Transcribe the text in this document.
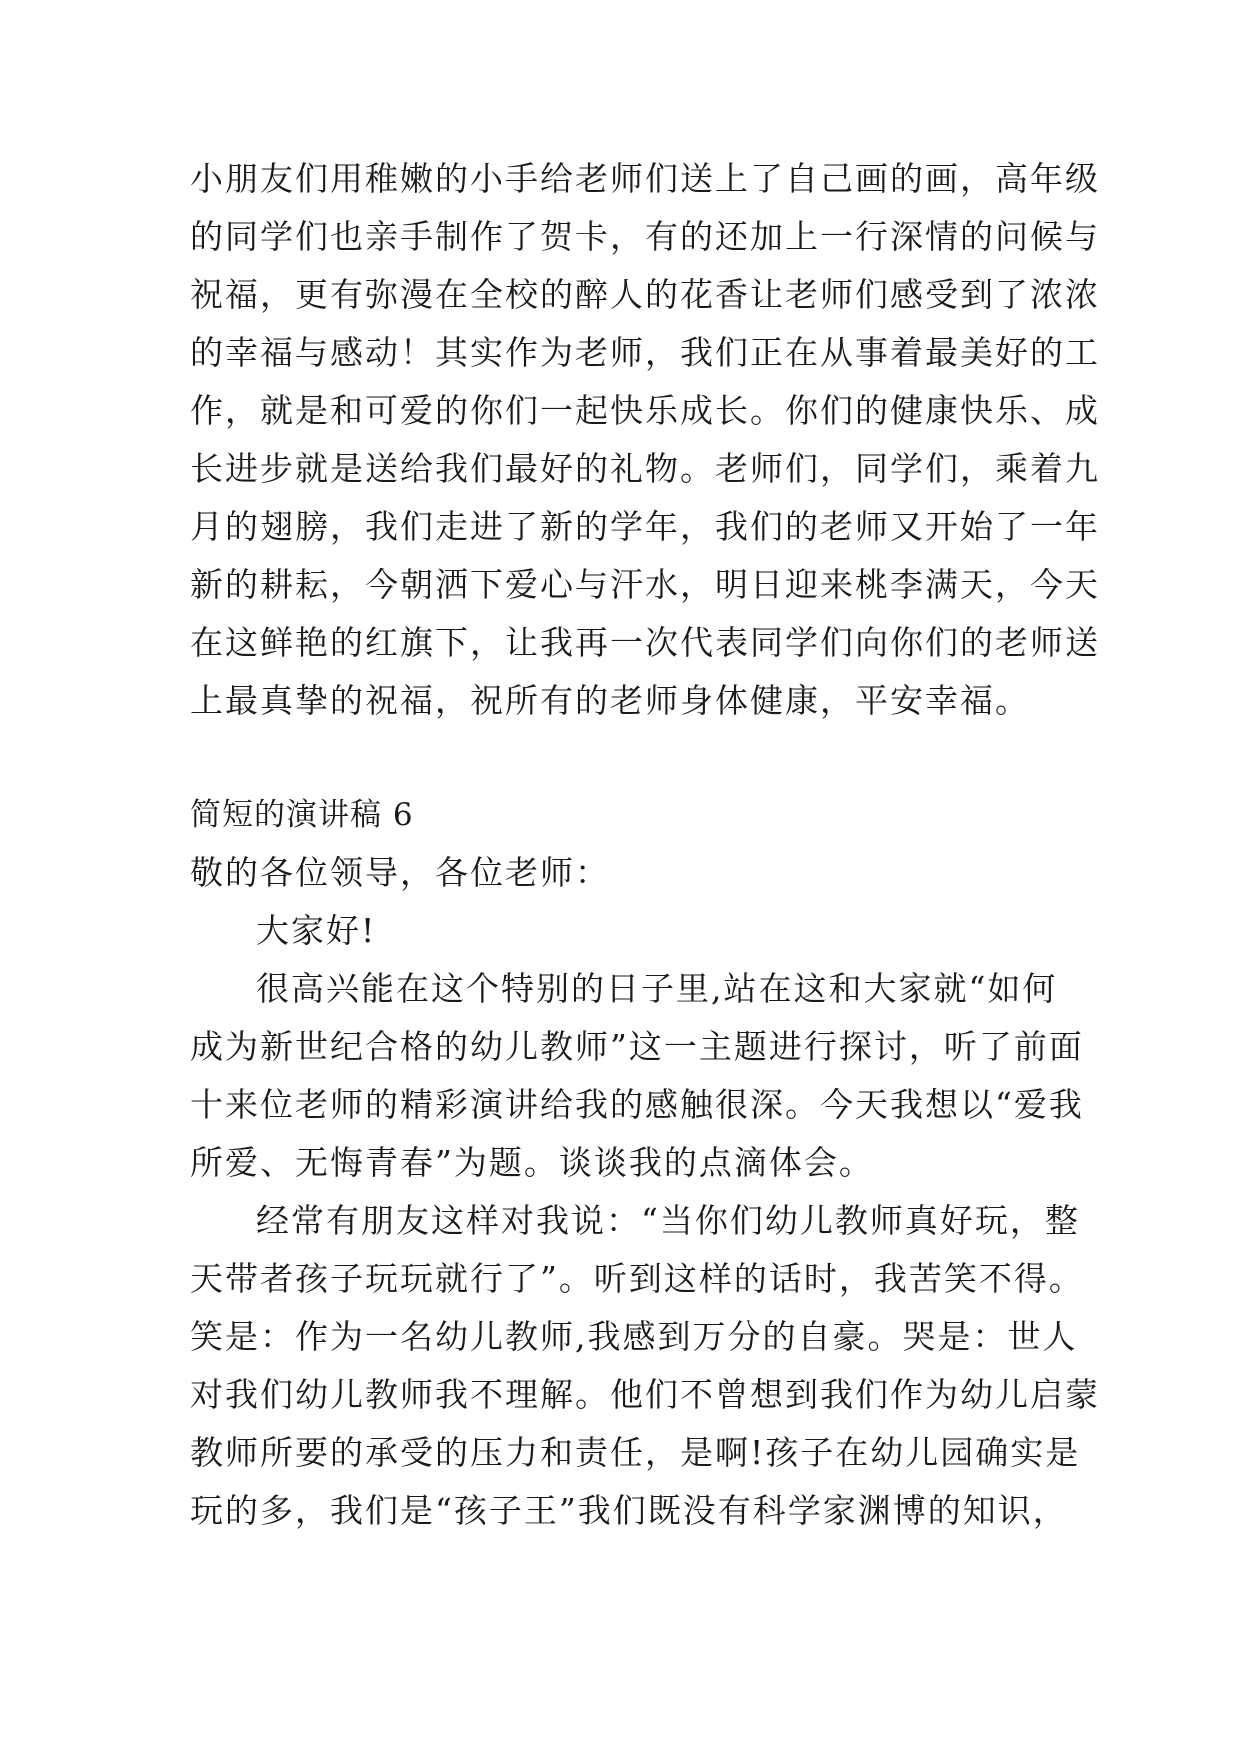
小朋友们用稚嫩的小手给老师们送上了自己画的画，高年级
的同学们也亲手制作了贺卡，有的还加上一行深情的问候与
祝福，更有弥漫在全校的醉人的花香让老师们感受到了浓浓
的幸福与感动！其实作为老师，我们正在从事着最美好的工
作，就是和可爱的你们一起快乐成长。你们的健康快乐、成
长进步就是送给我们最好的礼物。老师们，同学们，乘着九
月的翅膀，我们走进了新的学年，我们的老师又开始了一年
新的耕耘，今朝洒下爱心与汗水，明日迎来桃李满天，今天
在这鲜艳的红旗下，让我再一次代表同学们向你们的老师送
上最真挚的祝福，祝所有的老师身体健康，平安幸福。
简短的演讲稿 6
敬的各位领导，各位老师：
大家好!
很高兴能在这个特别的日子里,站在这和大家就“如何
成为新世纪合格的幼儿教师”这一主题进行探讨，听了前面
十来位老师的精彩演讲给我的感触很深。今天我想以“爱我
所爱、无悔青春”为题。谈谈我的点滴体会。
经常有朋友这样对我说：“当你们幼儿教师真好玩，整
天带者孩子玩玩就行了”。听到这样的话时，我苦笑不得。
笑是：作为一名幼儿教师,我感到万分的自豪。哭是：世人
对我们幼儿教师我不理解。他们不曾想到我们作为幼儿启蒙
教师所要的承受的压力和责任，是啊!孩子在幼儿园确实是
玩的多，我们是“孩子王”我们既没有科学家渊博的知识，
